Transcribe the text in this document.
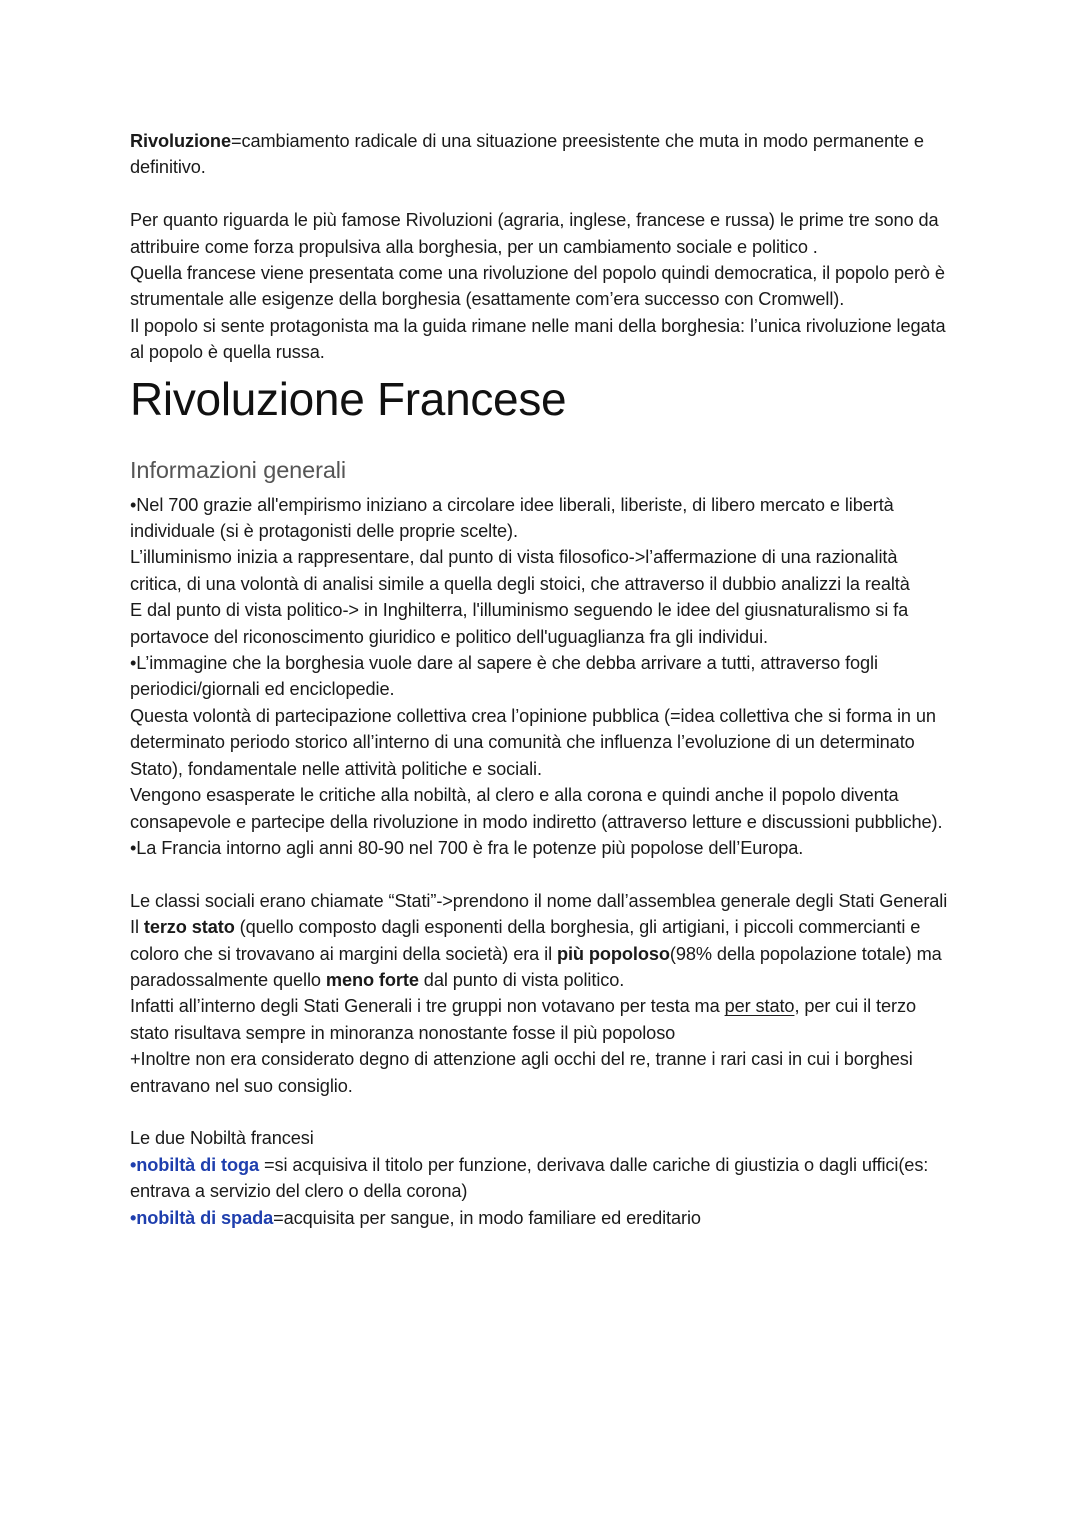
Rivoluzione=cambiamento radicale di una situazione preesistente che muta in modo permanente e definitivo.

Per quanto riguarda le più famose Rivoluzioni (agraria, inglese, francese e russa) le prime tre sono da attribuire come forza propulsiva alla borghesia, per un cambiamento sociale e politico .

Quella francese viene presentata come una rivoluzione del popolo quindi democratica, il popolo però è strumentale alle esigenze della borghesia (esattamente com’era successo con Cromwell).

Il popolo si sente protagonista ma la guida rimane nelle mani della borghesia: l’unica rivoluzione legata al popolo è quella russa.

Rivoluzione Francese
Informazioni generali

•Nel 700 grazie all'empirismo iniziano a circolare idee liberali, liberiste, di libero mercato e libertà individuale (si è protagonisti delle proprie scelte).

L’illuminismo inizia a rappresentare, dal punto di vista filosofico->l’affermazione di una razionalità critica, di una volontà di analisi simile a quella degli stoici, che attraverso il dubbio analizzi la realtà

E dal punto di vista politico-> in Inghilterra, l'illuminismo seguendo le idee del giusnaturalismo si fa portavoce del riconoscimento giuridico e politico dell'uguaglianza fra gli individui.

•L’immagine che la borghesia vuole dare al sapere è che debba arrivare a tutti, attraverso fogli periodici/giornali ed enciclopedie.

Questa volontà di partecipazione collettiva crea l’opinione pubblica (=idea collettiva che si forma in un determinato periodo storico all’interno di una comunità che influenza l’evoluzione di un determinato Stato), fondamentale nelle attività politiche e sociali.

Vengono esasperate le critiche alla nobiltà, al clero e alla corona e quindi anche il popolo diventa consapevole e partecipe della rivoluzione in modo indiretto (attraverso letture e discussioni pubbliche).

•La Francia intorno agli anni 80-90 nel 700 è fra le potenze più popolose dell’Europa.

Le classi sociali erano chiamate “Stati”->prendono il nome dall’assemblea generale degli Stati Generali

Il terzo stato (quello composto dagli esponenti della borghesia, gli artigiani, i piccoli commercianti e coloro che si trovavano ai margini della società) era il più popoloso(98% della popolazione totale) ma paradossalmente quello meno forte dal punto di vista politico.

Infatti all’interno degli Stati Generali i tre gruppi non votavano per testa ma per stato, per cui il terzo stato risultava sempre in minoranza nonostante fosse il più popoloso

+Inoltre non era considerato degno di attenzione agli occhi del re, tranne i rari casi in cui i borghesi entravano nel suo consiglio.

Le due Nobiltà francesi

•nobiltà di toga =si acquisiva il titolo per funzione, derivava dalle cariche di giustizia o dagli uffici(es: entrava a servizio del clero o della corona)

•nobiltà di spada=acquisita per sangue, in modo familiare ed ereditario
